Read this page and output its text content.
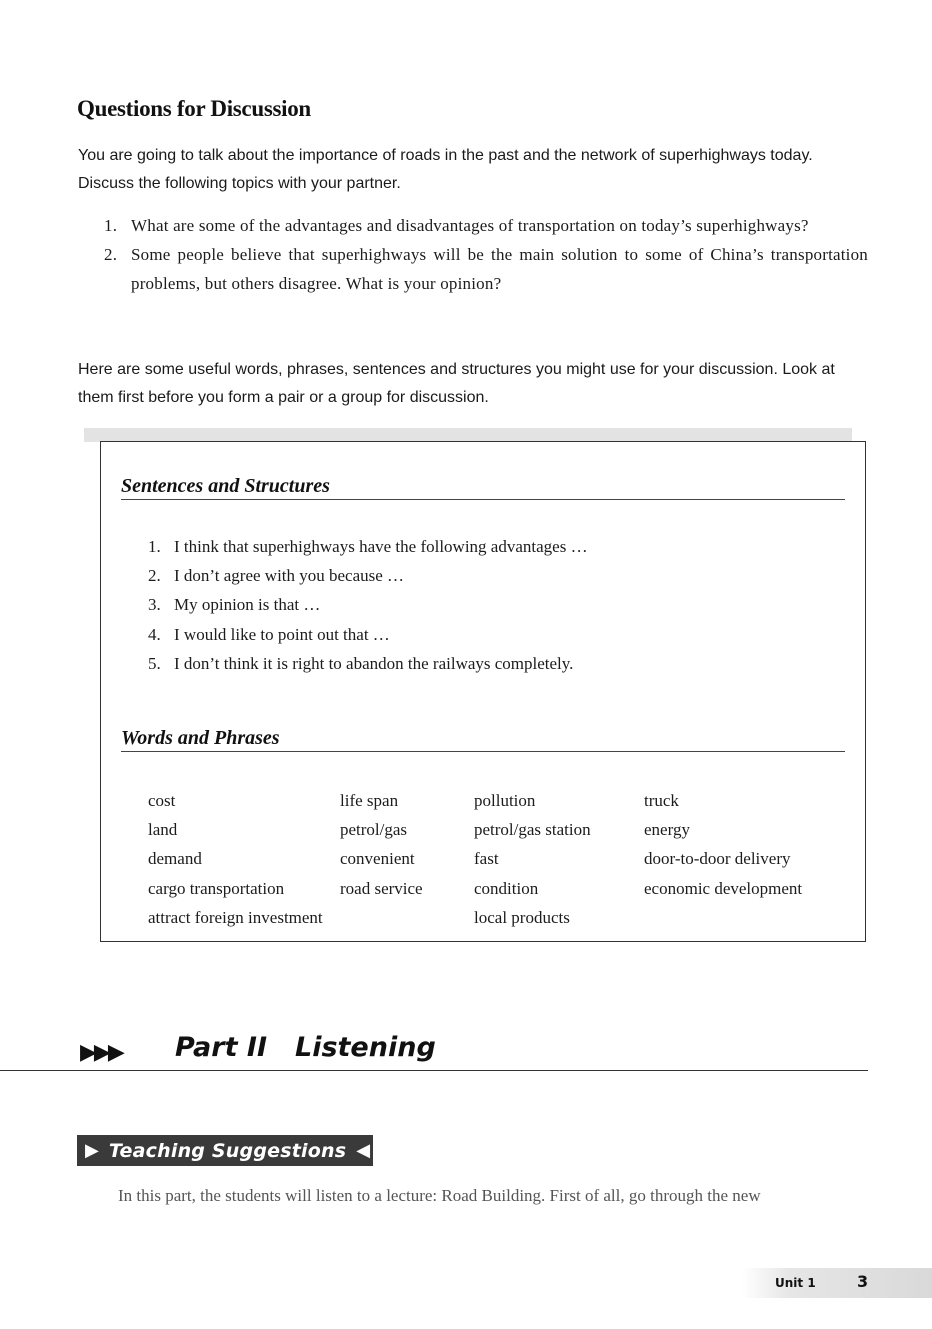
Questions for Discussion

You are going to talk about the importance of roads in the past and the network of superhighways today. Discuss the following topics with your partner.

1. What are some of the advantages and disadvantages of transportation on today’s superhighways?
2. Some people believe that superhighways will be the main solution to some of China’s transportation problems, but others disagree. What is your opinion?

Here are some useful words, phrases, sentences and structures you might use for your discussion. Look at them first before you form a pair or a group for discussion.

Sentences and Structures
1. I think that superhighways have the following advantages …
2. I don’t agree with you because …
3. My opinion is that …
4. I would like to point out that …
5. I don’t think it is right to abandon the railways completely.
Words and Phrases
cost
land
demand
cargo transportation
attract foreign investment
life span
petrol/gas
convenient
road service
pollution
petrol/gas station
fast
condition
local products
truck
energy
door-to-door delivery
economic development
▶▶▶ Part II Listening
▶ Teaching Suggestions ◀
In this part, the students will listen to a lecture: Road Building. First of all, go through the new
Unit 1	3
